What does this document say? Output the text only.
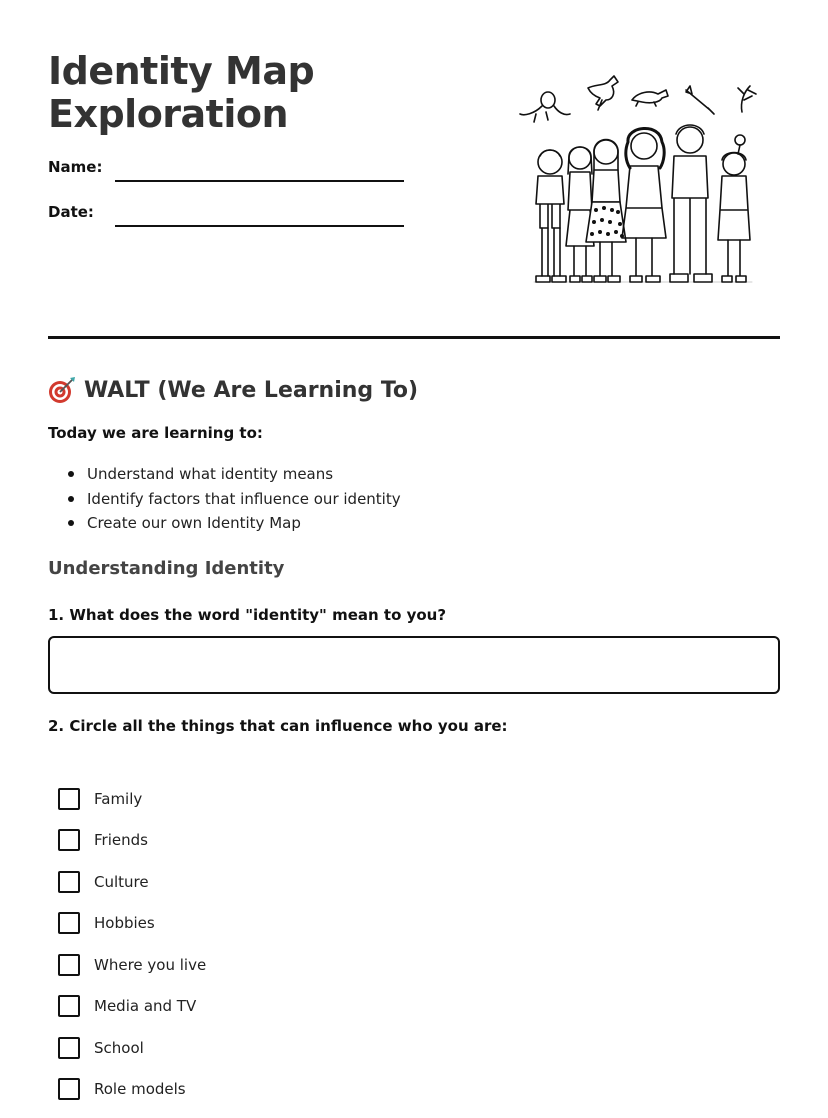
Identity Map
Exploration
Name:
Date:
WALT (We Are Learning To)
Today we are learning to:
Understand what identity means
Identify factors that influence our identity
Create our own Identity Map
Understanding Identity
1. What does the word "identity" mean to you?
2. Circle all the things that can influence who you are:
Family
Friends
Culture
Hobbies
Where you live
Media and TV
School
Role models
